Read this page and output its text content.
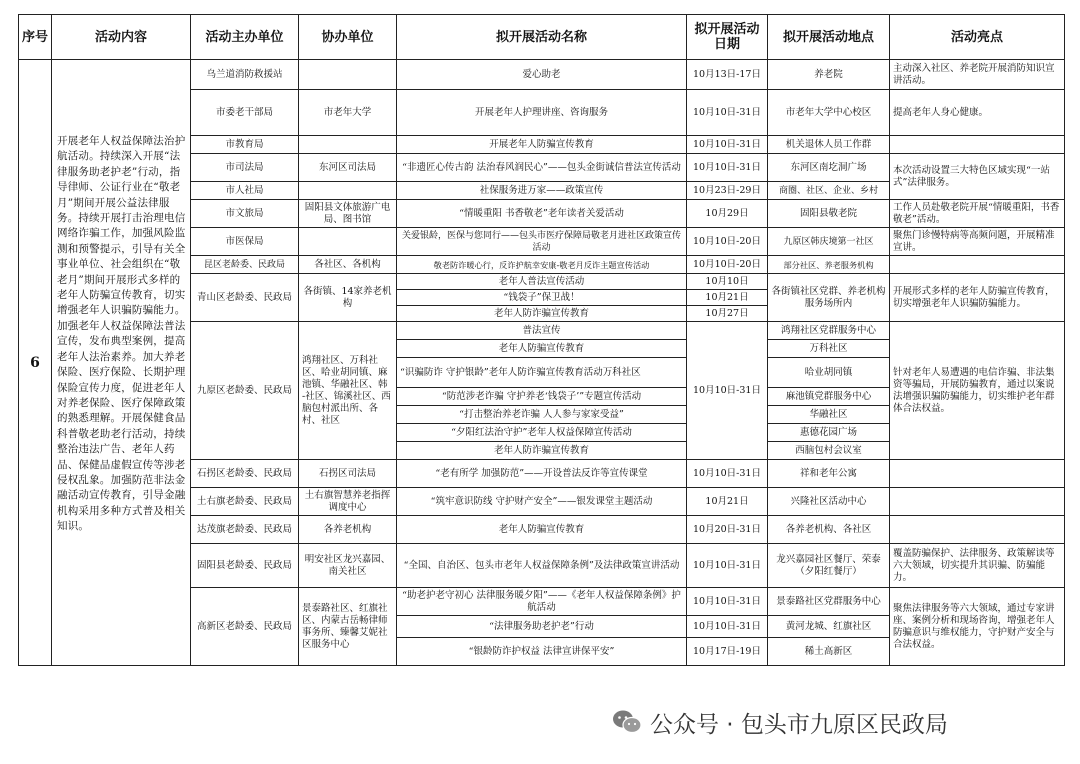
序号	活动内容	活动主办单位	协办单位	拟开展活动名称	拟开展活动日期	拟开展活动地点	活动亮点
6	开展老年人权益保障法治护航活动。持续深入开展“法律服务助老护老”行动，指导律师、公证行业在“敬老月”期间开展公益法律服务。持续开展打击治理电信网络诈骗工作，加强风险监测和预警提示，引导有关全事业单位、社会组织在“敬老月”期间开展形式多样的老年人防骗宣传教育，切实增强老年人识骗防骗能力。加强老年人权益保障法普法宣传，发布典型案例，提高老年人法治素养。加大养老保险、医疗保险、长期护理保险宣传力度，促进老年人对养老保险、医疗保障政策的熟悉理解。开展保健食品科普敬老助老行活动，持续整治违法广告、老年人药品、保健品虚假宣传等涉老侵权乱象。加强防范非法金融活动宣传教育，引导金融机构采用多种方式普及相关知识。	乌兰道消防救援站		爱心助老	10月13日-17日	养老院	主动深入社区、养老院开展消防知识宣讲活动。
		市委老干部局	市老年大学	开展老年人护理讲座、咨询服务	10月10日-31日	市老年大学中心校区	提高老年人身心健康。
		市教育局		开展老年人防骗宣传教育	10月10日-31日	机关退休人员工作群	
		市司法局	东河区司法局	“非遗匠心传古韵 法治春风润民心”——包头金街诚信普法宣传活动	10月10日-31日	东河区南圪洞广场	本次活动设置三大特色区域实现“一站式”法律服务。
		市人社局		社保服务进万家——政策宣传	10月23日-29日	商圈、社区、企业、乡村	
		市文旅局	固阳县文体旅游广电局、图书馆	“情暖重阳 书香敬老”老年读者关爱活动	10月29日	固阳县敬老院	工作人员赴敬老院开展“情暖重阳，书香敬老”活动。
		市医保局		关爱银龄，医保与您同行——包头市医疗保障局敬老月进社区政策宣传活动	10月10日-20日	九原区韩庆境第一社区	聚焦门诊慢特病等高频问题，开展精准宣讲。
		昆区老龄委、民政局	各社区、各机构	敬老防诈暖心行，反诈护航幸安康-敬老月反诈主题宣传活动	10月10日-20日	部分社区、养老服务机构	
		青山区老龄委、民政局	各街镇、14家养老机构	老年人普法宣传活动	10月10日	各街镇社区党群、养老机构服务场所内	开展形式多样的老年人防骗宣传教育，切实增强老年人识骗防骗能力。
				“钱袋子”保卫战！	10月21日		
				老年人防诈骗宣传教育	10月27日		
		九原区老龄委、民政局	鸿翔社区、万科社区、哈业胡同镇、麻池镇、华融社区、韩 -社区、锦溪社区、西脑包村派出所、各村、社区	普法宣传	10月10日-31日	鸿翔社区党群服务中心	针对老年人易遭遇的电信诈骗、非法集资等骗局，开展防骗教育，通过以案说法增强识骗防骗能力，切实维护老年群体合法权益。
				老年人防骗宣传教育		万科社区	
				“识骗防诈 守护银龄”老年人防诈骗宣传教育活动万科社区		哈业胡同镇	
				“防范涉老诈骗 守护养老‘钱袋子’”专题宣传活动		麻池镇党群服务中心	
				“打击整治养老诈骗 人人参与家家受益”		华融社区	
				“夕阳红法治守护”老年人权益保障宣传活动		惠德花园广场	
				老年人防诈骗宣传教育		西脑包村会议室	
		石拐区老龄委、民政局	石拐区司法局	“老有所学 加强防范”——开设普法反诈等宣传课堂	10月10日-31日	祥和老年公寓	
		土右旗老龄委、民政局	土右旗智慧养老指挥调度中心	“筑牢意识防线 守护财产安全”——银发课堂主题活动	10月21日	兴隆社区活动中心	
		达茂旗老龄委、民政局	各养老机构	老年人防骗宣传教育	10月20日-31日	各养老机构、各社区	
		固阳县老龄委、民政局	明安社区龙兴嘉园、南关社区	“全国、自治区、包头市老年人权益保障条例”及法律政策宣讲活动	10月10日-31日	龙兴嘉园社区餐厅、荣泰（夕阳红餐厅）	覆盖防骗保护、法律服务、政策解读等六大领域，切实提升其识骗、防骗能力。
		高新区老龄委、民政局	景泰路社区、红旗社区、内蒙古岳畅律师事务所、臻馨艾妮社区服务中心	“助老护老守初心 法律服务暖夕阳”——《老年人权益保障条例》护航活动	10月10日-31日	景泰路社区党群服务中心	聚焦法律服务等六大领域，通过专家讲座、案例分析和现场咨询，增强老年人防骗意识与维权能力，守护财产安全与合法权益。
				“法律服务助老护老”行动	10月10日-31日	黄河龙城、红旗社区	
				“银龄防诈护权益 法律宣讲保平安”	10月17日-19日	稀土高新区	
公众号 · 包头市九原区民政局
